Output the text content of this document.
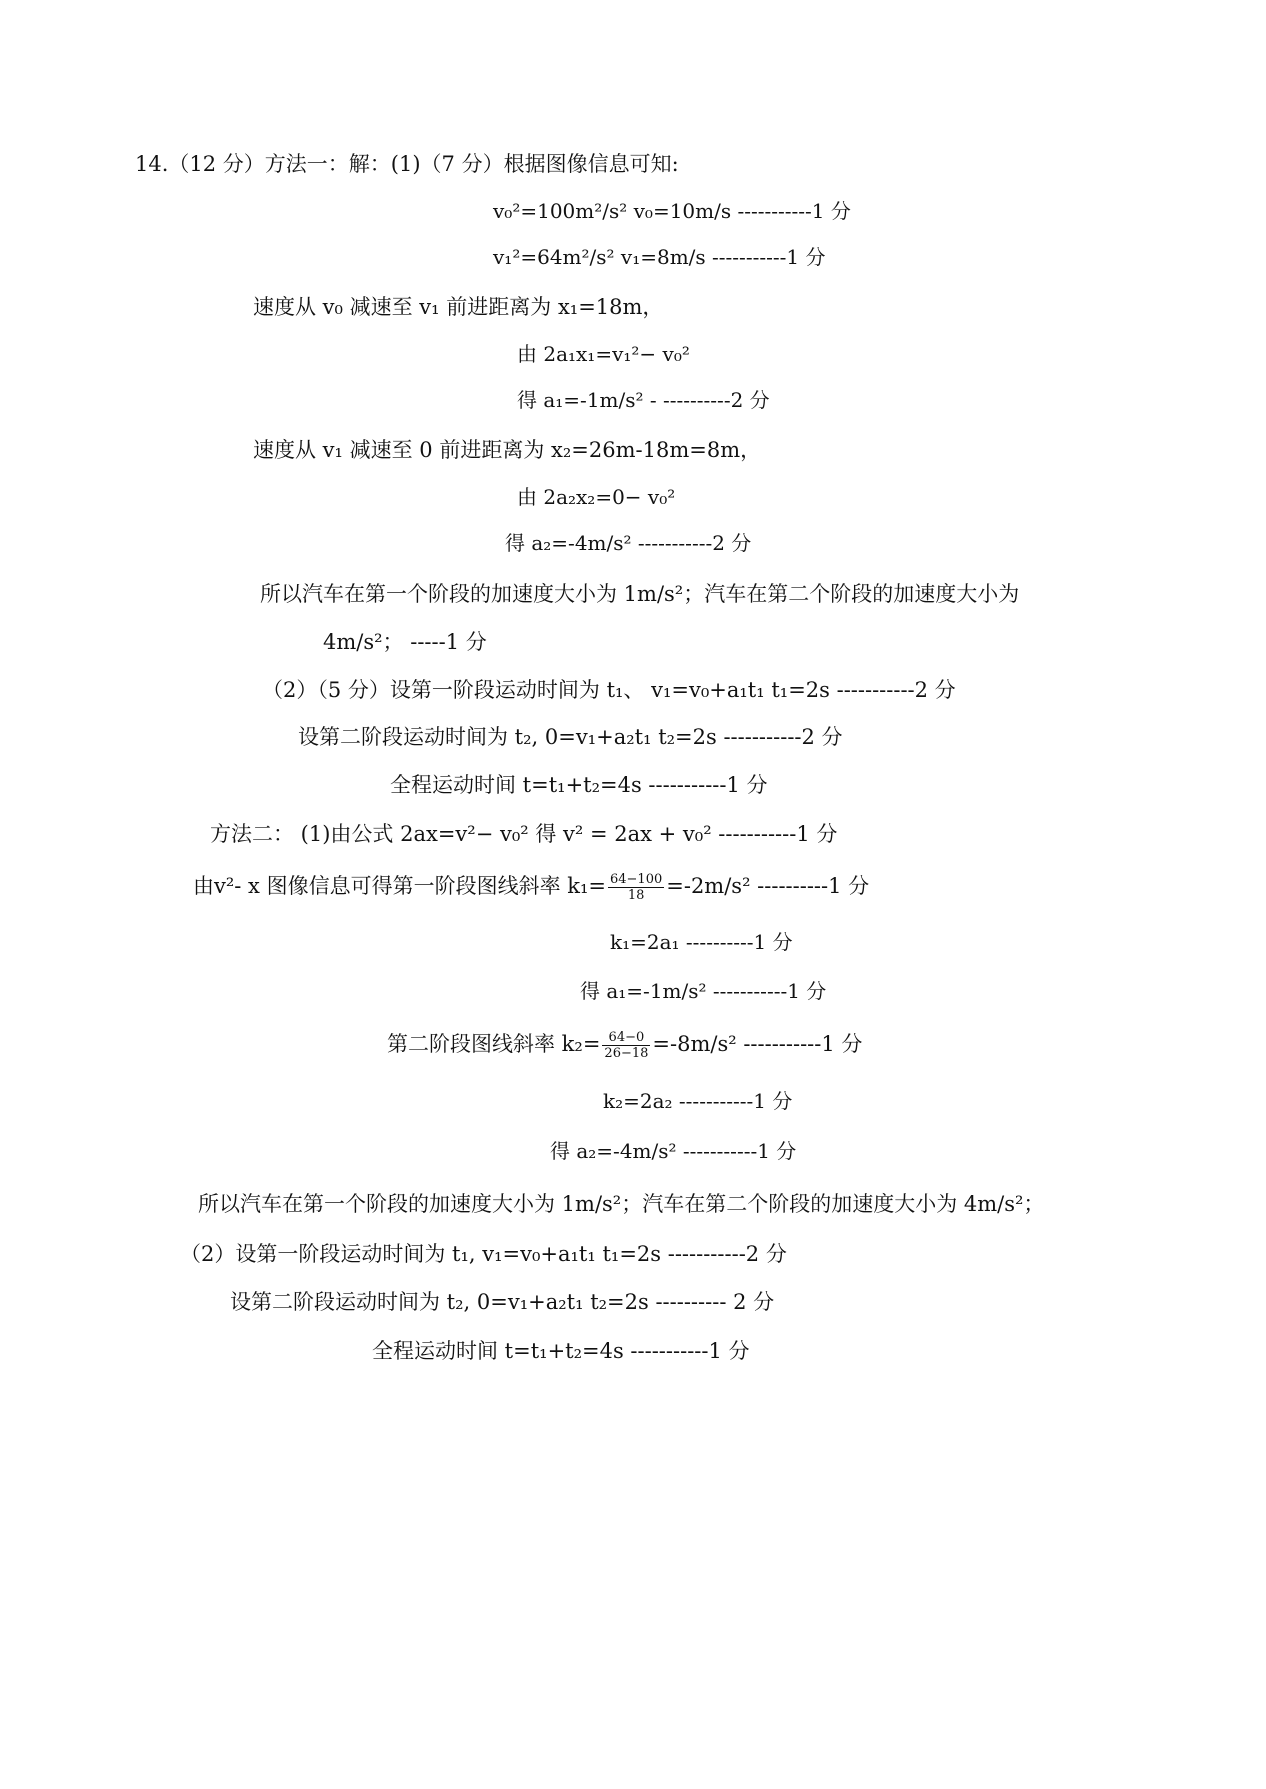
14.（12 分）方法一：解：(1)（7 分）根据图像信息可知:
v₀²=100m²/s² v₀=10m/s -----------1 分
v₁²=64m²/s² v₁=8m/s -----------1 分
速度从 v₀ 减速至 v₁ 前进距离为 x₁=18m，
由 2a₁x₁=v₁²− v₀²
得 a₁=-1m/s² - ----------2 分
速度从 v₁ 减速至 0 前进距离为 x₂=26m-18m=8m，
由 2a₂x₂=0− v₀²
得 a₂=-4m/s² -----------2 分
所以汽车在第一个阶段的加速度大小为 1m/s²；汽车在第二个阶段的加速度大小为
4m/s²； -----1 分
（2）（5 分）设第一阶段运动时间为 t₁、 v₁=v₀+a₁t₁ t₁=2s -----------2 分
设第二阶段运动时间为 t₂, 0=v₁+a₂t₁ t₂=2s -----------2 分
全程运动时间 t=t₁+t₂=4s -----------1 分
方法二： (1)由公式 2ax=v²− v₀² 得 v² = 2ax + v₀² -----------1 分
由v²- x 图像信息可得第一阶段图线斜率 $k_1= \frac{64-100}{18} =-2m/s^2$ ----------1 分
k₁=2a₁ ----------1 分
得 a₁=-1m/s² -----------1 分
第二阶段图线斜率 $k_2= \frac{64-0}{26-18} =-8m/s^2$ -----------1 分
k₂=2a₂ -----------1 分
得 a₂=-4m/s² -----------1 分
所以汽车在第一个阶段的加速度大小为 1m/s²；汽车在第二个阶段的加速度大小为 4m/s²；
（2）设第一阶段运动时间为 t₁, v₁=v₀+a₁t₁ t₁=2s -----------2 分
设第二阶段运动时间为 t₂, 0=v₁+a₂t₁ t₂=2s ---------- 2 分
全程运动时间 t=t₁+t₂=4s -----------1 分
